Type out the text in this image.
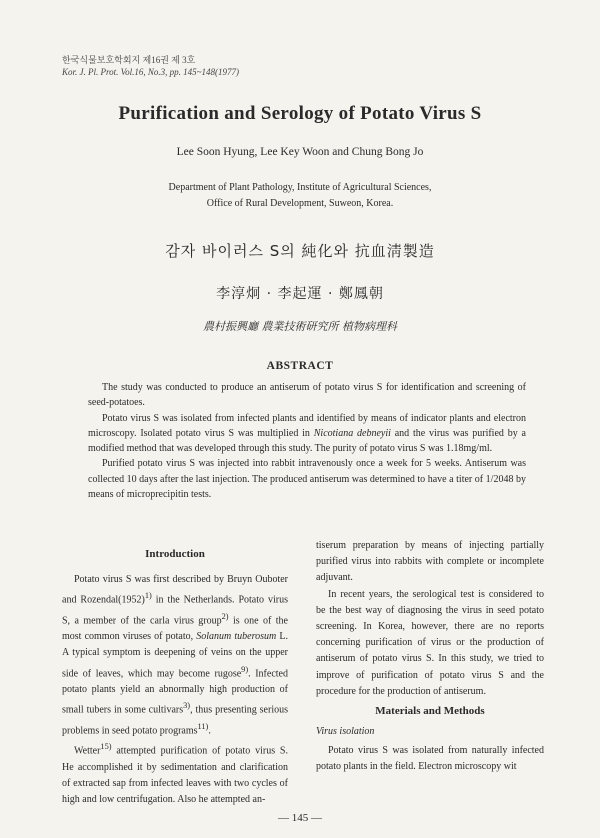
한국식물보호학회지 제16권 제 3호
Kor. J. Pl. Prot. Vol.16, No.3, pp. 145~148(1977)
Purification and Serology of Potato Virus S
Lee Soon Hyung, Lee Key Woon and Chung Bong Jo
Department of Plant Pathology, Institute of Agricultural Sciences,
Office of Rural Development, Suweon, Korea.
감자 바이러스 S의 純化와 抗血淸製造
李淳炯 · 李起運 · 鄭鳳朝
農村振興廳 農業技術研究所 植物病理科
ABSTRACT

The study was conducted to produce an antiserum of potato virus S for identification and screening of seed-potatoes.

Potato virus S was isolated from infected plants and identified by means of indicator plants and electron microscopy. Isolated potato virus S was multiplied in Nicotiana debneyii and the virus was purified by a modified method that was developed through this study. The purity of potato virus S was 1.18mg/ml.

Purified potato virus S was injected into rabbit intravenously once a week for 5 weeks. Antiserum was collected 10 days after the last injection. The produced antiserum was determined to have a titer of 1/2048 by means of microprecipitin tests.

Introduction

Potato virus S was first described by Bruyn Ouboter and $Rozendal(1952)^{1)}$ in the Netherlands. Potato virus S, a member of the carla virus group$^{2)}$ is one of the most common viruses of potato, Solanum tuberosum L. A typical symptom is deepening of veins on the upper side of leaves, which may become rugose$^{9)}$. Infected potato plants yield an abnormally high production of small tubers in some cultivars$^{3)}$, thus presenting serious problems in seed potato programs$^{11)}$.

Wetter$^{15)}$ attempted purification of potato virus S. He accomplished it by sedimentation and clarification of extracted sap from infected leaves with two cycles of high and low centrifugation. Also he attempted an-

tiserum preparation by means of injecting partially purified virus into rabbits with complete or incomplete adjuvant.

In recent years, the serological test is considered to be the best way of diagnosing the virus in seed potato screening. In Korea, however, there are no reports concerning purification of virus or the production of antiserum of potato virus S. In this study, we tried to improve of purification of potato virus S and the procedure for the production of antiserum.

Materials and Methods
Virus isolation

Potato virus S was isolated from naturally infected potato plants in the field. Electron microscopy wit

— 145 —
